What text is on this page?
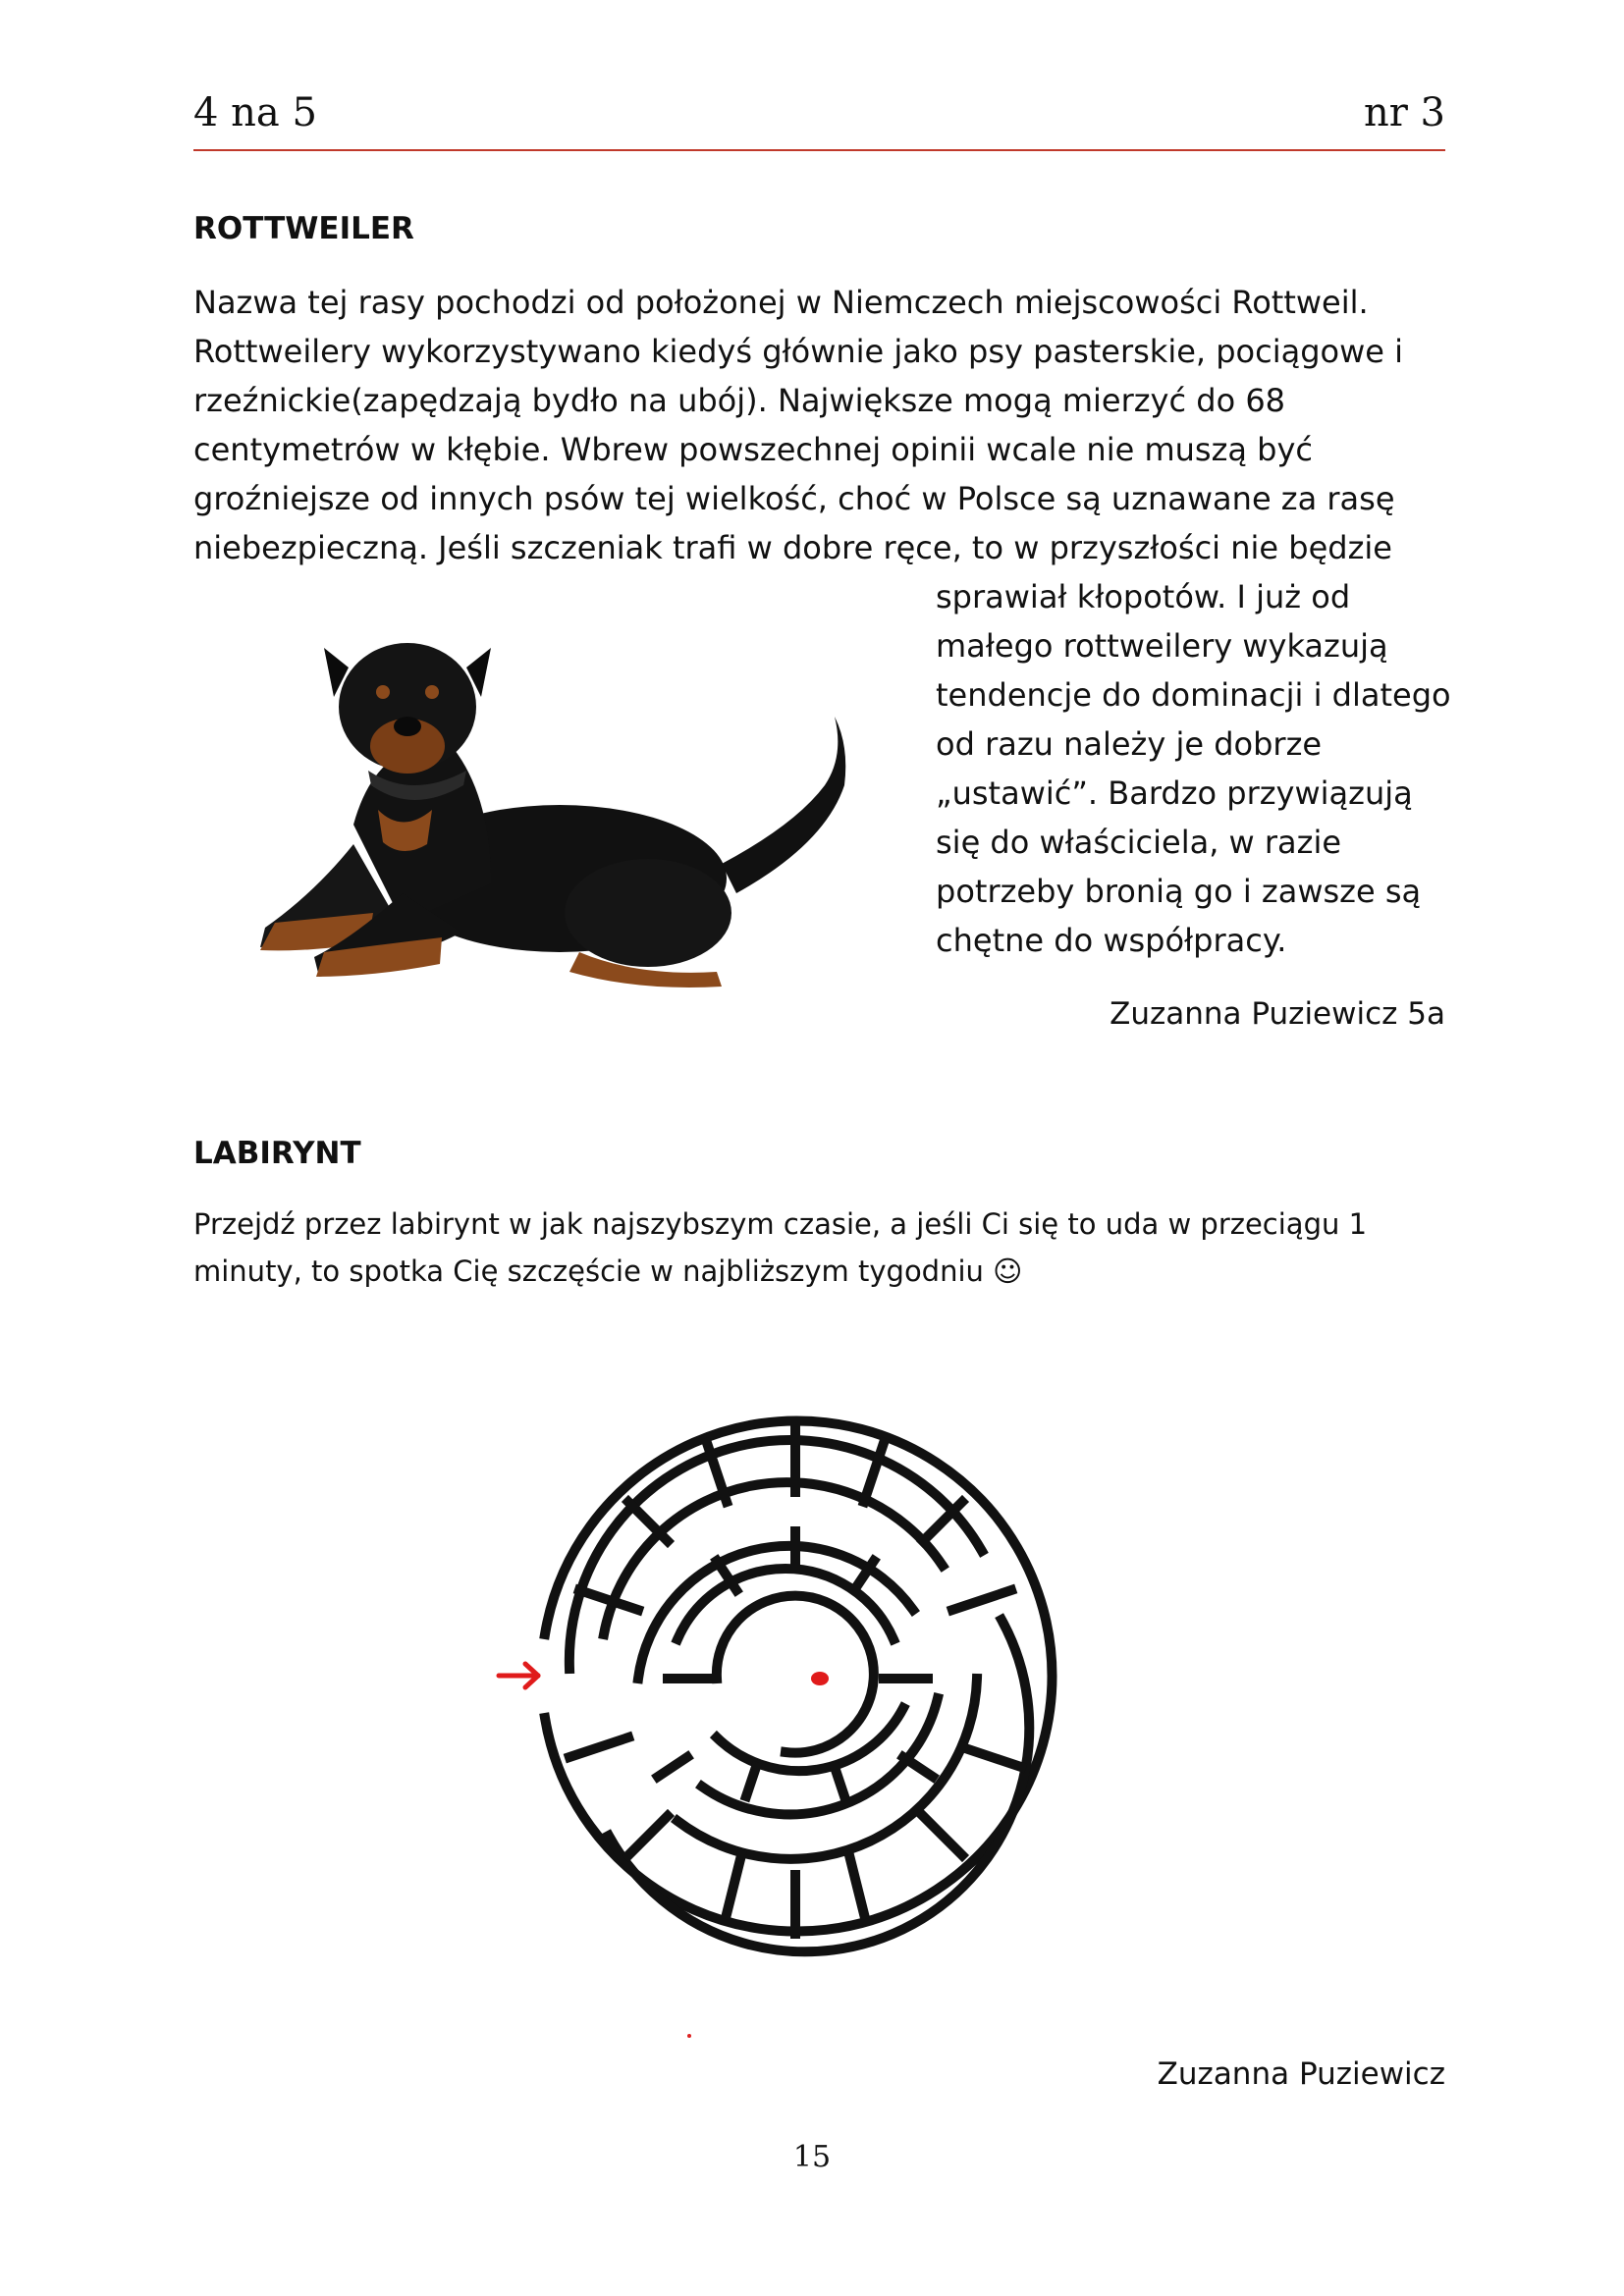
4 na 5	nr 3
ROTTWEILER
Nazwa tej rasy pochodzi od położonej w Niemczech miejscowości Rottweil.
Rottweilery wykorzystywano kiedyś głównie jako psy pasterskie, pociągowe i
rzeźnickie(zapędzają bydło na ubój). Największe mogą mierzyć do 68
centymetrów w kłębie. Wbrew powszechnej opinii wcale nie muszą być
groźniejsze od innych psów tej wielkość, choć w Polsce są uznawane za rasę
niebezpieczną. Jeśli szczeniak trafi w dobre ręce, to w przyszłości nie będzie
sprawiał kłopotów. I już od
małego rottweilery wykazują
tendencje do dominacji i dlatego
od razu należy je dobrze
„ustawić”. Bardzo przywiązują
się do właściciela, w razie
potrzeby bronią go i zawsze są
chętne do współpracy.
Zuzanna Puziewicz 5a
LABIRYNT
Przejdź przez labirynt w jak najszybszym czasie, a jeśli Ci się to uda w przeciągu 1
minuty, to spotka Cię szczęście w najbliższym tygodniu ☺
Zuzanna Puziewicz
15
